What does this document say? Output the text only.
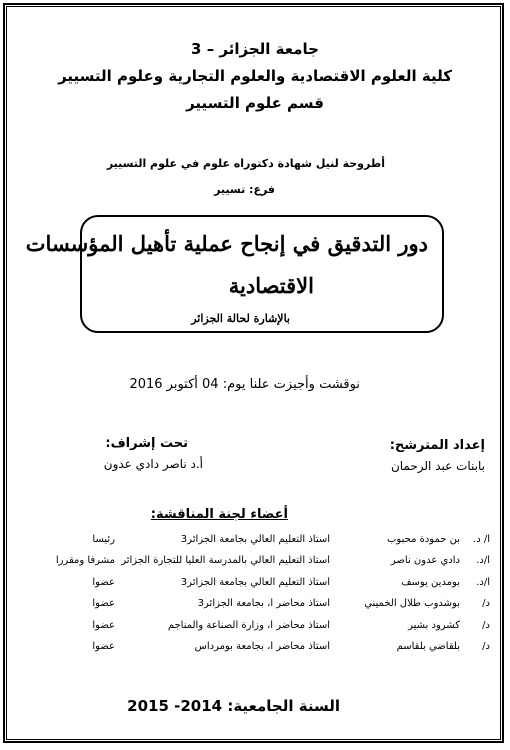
جامعة الجزائر – 3
كلية العلوم الاقتصادية والعلوم التجارية وعلوم التسيير
قسم علوم التسيير
أطروحة لنيل شهادة دكتوراه علوم في علوم التسيير
فرع: تسيير
دور التدقيق في إنجاح عملية تأهيل المؤسسات
الاقتصادية
بالإشارة لحالة الجزائر
نوقشت وأجيزت علنا يوم: 04 أكتوبر 2016
إعداد المترشح:
بابنات عبد الرحمان
تحت إشراف:
أ.د ناصر دادي عدون
أعضاء لجنة المناقشة:
أ/ د.بن حمودة محبوبأستاذ التعليم العالي بجامعة الجزائر3رئيسا
أ/د.دادي عدون ناصرأستاذ التعليم العالي بالمدرسة العليا للتجارة الجزائرمشرفا ومقررا
أ/د.بومدين يوسفأستاذ التعليم العالي بجامعة الجزائر3عضوا
د/بوشدوب طلال الخمينيأستاذ محاضر أ، بجامعة الجزائر3عضوا
د/كشرود بشيرأستاذ محاضر أ، وزارة الصناعة والمناجمعضوا
د/بلقاضي بلقاسمأستاذ محاضر أ، بجامعة بومرداسعضوا
السنة الجامعية: 2014- 2015
